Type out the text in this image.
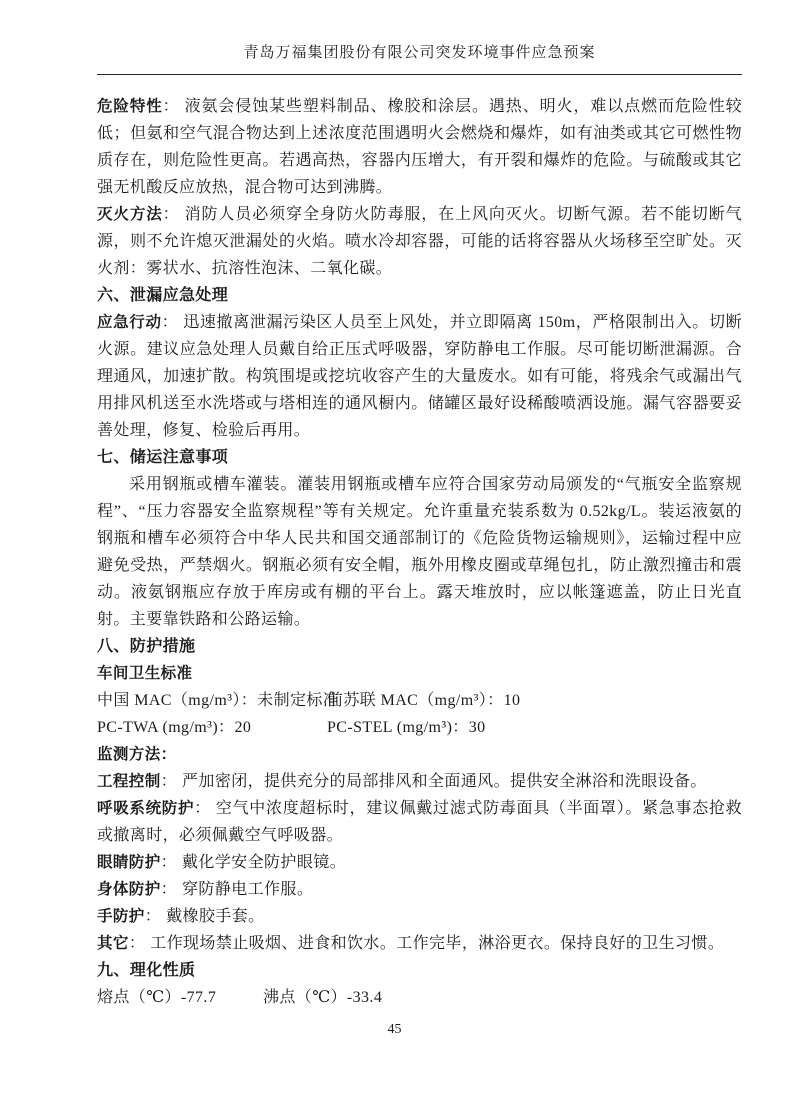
青岛万福集团股份有限公司突发环境事件应急预案

危险特性： 液氨会侵蚀某些塑料制品、橡胶和涂层。遇热、明火，难以点燃而危险性较低；但氨和空气混合物达到上述浓度范围遇明火会燃烧和爆炸，如有油类或其它可燃性物质存在，则危险性更高。若遇高热，容器内压增大，有开裂和爆炸的危险。与硫酸或其它强无机酸反应放热，混合物可达到沸腾。

灭火方法： 消防人员必须穿全身防火防毒服，在上风向灭火。切断气源。若不能切断气源，则不允许熄灭泄漏处的火焰。喷水冷却容器，可能的话将容器从火场移至空旷处。灭火剂：雾状水、抗溶性泡沫、二氧化碳。

六、泄漏应急处理

应急行动： 迅速撤离泄漏污染区人员至上风处，并立即隔离 150m，严格限制出入。切断火源。建议应急处理人员戴自给正压式呼吸器，穿防静电工作服。尽可能切断泄漏源。合理通风，加速扩散。构筑围堤或挖坑收容产生的大量废水。如有可能，将残余气或漏出气用排风机送至水洗塔或与塔相连的通风橱内。储罐区最好设稀酸喷洒设施。漏气容器要妥善处理，修复、检验后再用。

七、储运注意事项

采用钢瓶或槽车灌装。灌装用钢瓶或槽车应符合国家劳动局颁发的“气瓶安全监察规程”、“压力容器安全监察规程”等有关规定。允许重量充装系数为 0.52kg/L。装运液氨的钢瓶和槽车必须符合中华人民共和国交通部制订的《危险货物运输规则》，运输过程中应避免受热，严禁烟火。钢瓶必须有安全帽，瓶外用橡皮圈或草绳包扎，防止激烈撞击和震动。液氨钢瓶应存放于库房或有棚的平台上。露天堆放时，应以帐篷遮盖，防止日光直射。主要靠铁路和公路运输。

八、防护措施

车间卫生标准

中国 MAC（mg/m³）：未制定标准
前苏联 MAC（mg/m³）：10
PC-TWA (mg/m³)：20	PC-STEL (mg/m³)：30

监测方法：

工程控制： 严加密闭，提供充分的局部排风和全面通风。提供安全淋浴和洗眼设备。

呼吸系统防护： 空气中浓度超标时，建议佩戴过滤式防毒面具（半面罩）。紧急事态抢救或撤离时，必须佩戴空气呼吸器。

眼睛防护： 戴化学安全防护眼镜。

身体防护： 穿防静电工作服。

手防护： 戴橡胶手套。

其它： 工作现场禁止吸烟、进食和饮水。工作完毕，淋浴更衣。保持良好的卫生习惯。

九、理化性质

熔点（℃）-77.7	沸点（℃）-33.4
45
